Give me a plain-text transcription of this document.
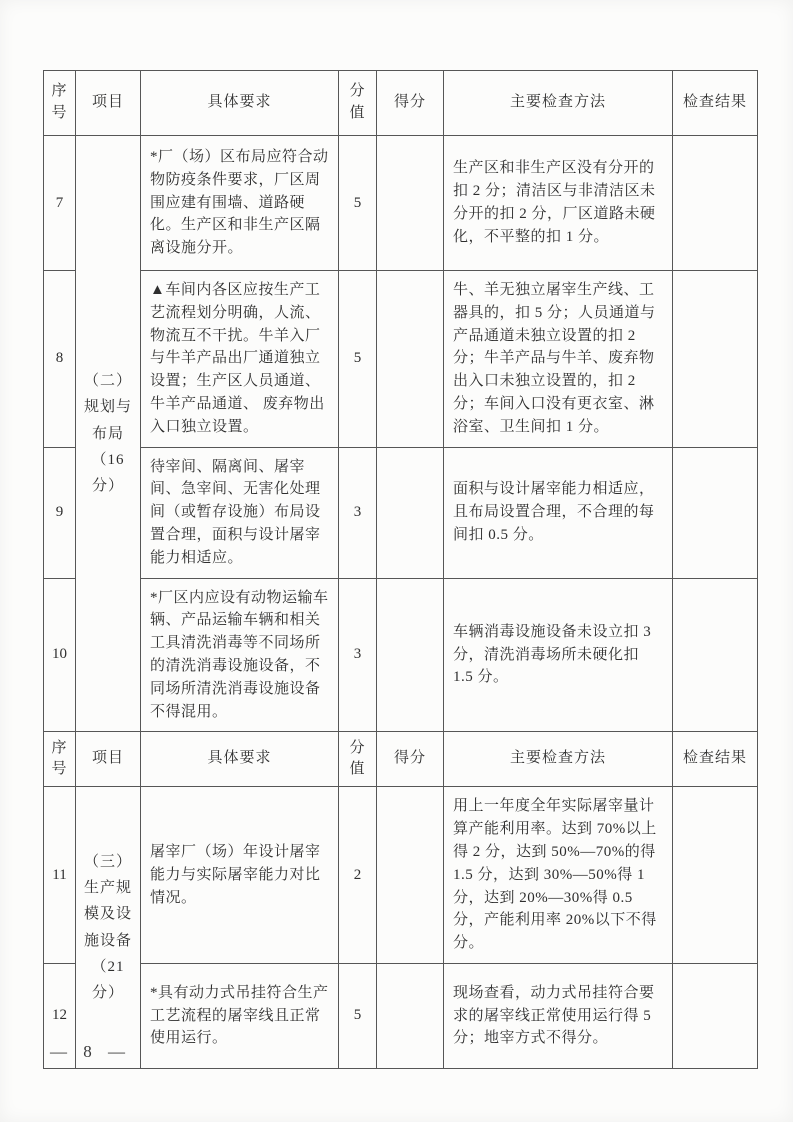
序号	项目	具体要求	分值	得分	主要检查方法	检查结果
7	（二）规划与布局（16分）	*厂（场）区布局应符合动物防疫条件要求，厂区周围应建有围墙、道路硬化。生产区和非生产区隔离设施分开。	5		生产区和非生产区没有分开的扣 2 分；清洁区与非清洁区未分开的扣 2 分，厂区道路未硬化，不平整的扣 1 分。	
8		▲车间内各区应按生产工艺流程划分明确，人流、物流互不干扰。牛羊入厂与牛羊产品出厂通道独立设置；生产区人员通道、牛羊产品通道、 废弃物出入口独立设置。	5		牛、羊无独立屠宰生产线、工器具的，扣 5 分；人员通道与产品通道未独立设置的扣 2 分；牛羊产品与牛羊、废弃物出入口未独立设置的，扣 2 分；车间入口没有更衣室、淋浴室、卫生间扣 1 分。	
9		待宰间、隔离间、屠宰间、急宰间、无害化处理间（或暂存设施）布局设置合理，面积与设计屠宰能力相适应。	3		面积与设计屠宰能力相适应，且布局设置合理，不合理的每间扣 0.5 分。	
10		*厂区内应设有动物运输车辆、产品运输车辆和相关工具清洗消毒等不同场所的清洗消毒设施设备，不同场所清洗消毒设施设备不得混用。	3		车辆消毒设施设备未设立扣 3 分，清洗消毒场所未硬化扣 1.5 分。	
序号	项目	具体要求	分值	得分	主要检查方法	检查结果
11	（三）生产规模及设施设备（21分）	屠宰厂（场）年设计屠宰能力与实际屠宰能力对比情况。	2		用上一年度全年实际屠宰量计算产能利用率。达到 70%以上得 2 分，达到 50%—70%的得 1.5 分，达到 30%—50%得 1 分，达到 20%—30%得 0.5 分，产能利用率 20%以下不得分。	
12		*具有动力式吊挂符合生产工艺流程的屠宰线且正常使用运行。	5		现场查看，动力式吊挂符合要求的屠宰线正常使用运行得 5 分；地宰方式不得分。	
— 8 —
